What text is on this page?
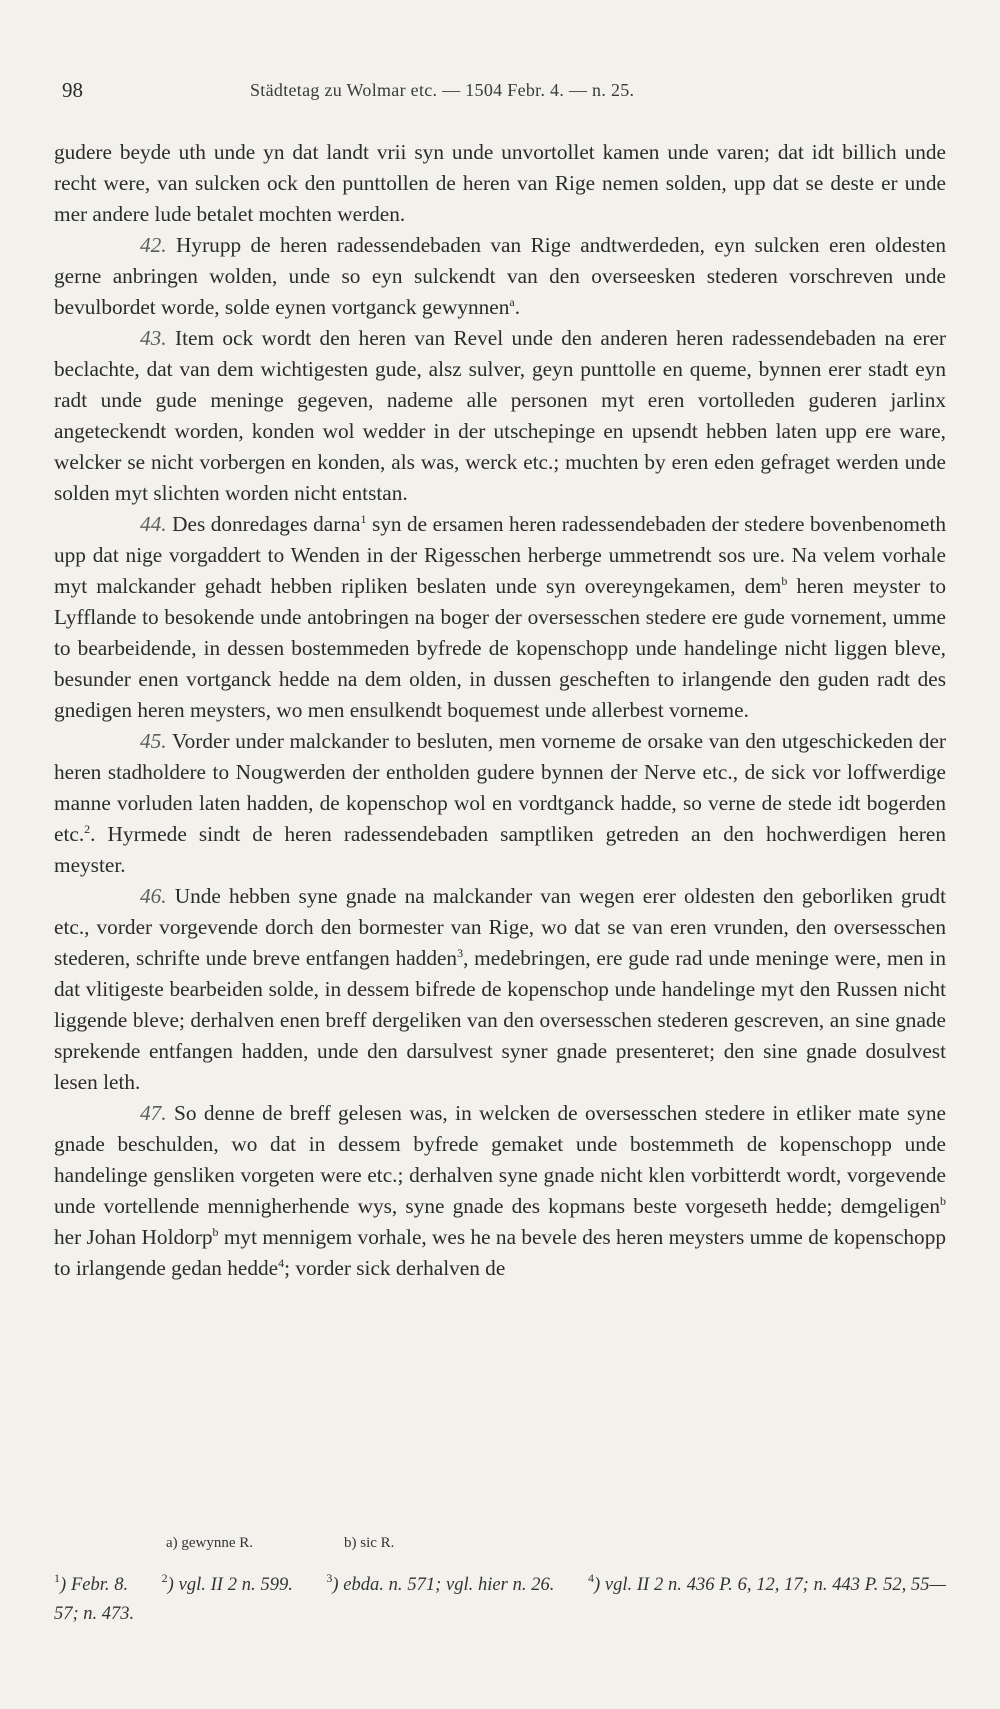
98	Städtetag zu Wolmar etc. — 1504 Febr. 4. — n. 25.

gudere beyde uth unde yn dat landt vrii syn unde unvortollet kamen unde varen; dat idt billich unde recht were, van sulcken ock den punttollen de heren van Rige nemen solden, upp dat se deste er unde mer andere lude betalet mochten werden.

42. Hyrupp de heren radessendebaden van Rige andtwerdeden, eyn sulcken eren oldesten gerne anbringen wolden, unde so eyn sulckendt van den overseesken stederen vorschreven unde bevulbordet worde, solde eynen vortganck gewynnen$^a$.

43. Item ock wordt den heren van Revel unde den anderen heren radessendebaden na erer beclachte, dat van dem wichtigesten gude, alsz sulver, geyn punttolle en queme, bynnen erer stadt eyn radt unde gude meninge gegeven, nademe alle personen myt eren vortolleden guderen jarlinx angeteckendt worden, konden wol wedder in der utschepinge en upsendt hebben laten upp ere ware, welcker se nicht vorbergen en konden, als was, werck etc.; muchten by eren eden gefraget werden unde solden myt slichten worden nicht entstan.

44. Des donredages darna$^1$ syn de ersamen heren radessendebaden der stedere bovenbenometh upp dat nige vorgaddert to Wenden in der Rigesschen herberge ummetrendt sos ure. Na velem vorhale myt malckander gehadt hebben ripliken beslaten unde syn overeyngekamen, dem$^b$ heren meyster to Lyfflande to besokende unde antobringen na boger der oversesschen stedere ere gude vornement, umme to bearbeidende, in dessen bostemmeden byfrede de kopenschopp unde handelinge nicht liggen bleve, besunder enen vortganck hedde na dem olden, in dussen gescheften to irlangende den guden radt des gnedigen heren meysters, wo men ensulkendt boquemest unde allerbest vorneme.

45. Vorder under malckander to besluten, men vorneme de orsake van den utgeschickeden der heren stadholdere to Nougwerden der entholden gudere bynnen der Nerve etc., de sick vor loffwerdige manne vorluden laten hadden, de kopenschop wol en vordtganck hadde, so verne de stede idt bogerden etc.$^2$. Hyrmede sindt de heren radessendebaden samptliken getreden an den hochwerdigen heren meyster.

46. Unde hebben syne gnade na malckander van wegen erer oldesten den geborliken grudt etc., vorder vorgevende dorch den bormester van Rige, wo dat se van eren vrunden, den oversesschen stederen, schrifte unde breve entfangen hadden$^3$, medebringen, ere gude rad unde meninge were, men in dat vlitigeste bearbeiden solde, in dessem bifrede de kopenschop unde handelinge myt den Russen nicht liggende bleve; derhalven enen breff dergeliken van den oversesschen stederen gescreven, an sine gnade sprekende entfangen hadden, unde den darsulvest syner gnade presenteret; den sine gnade dosulvest lesen leth.

47. So denne de breff gelesen was, in welcken de oversesschen stedere in etliker mate syne gnade beschulden, wo dat in dessem byfrede gemaket unde bostemmeth de kopenschopp unde handelinge gensliken vorgeten were etc.; derhalven syne gnade nicht klen vorbitterdt wordt, vorgevende unde vortellende mennigherhende wys, syne gnade des kopmans beste vorgeseth hedde; demgeligen$^b$ her Johan Holdorp$^b$ myt mennigem vorhale, wes he na bevele des heren meysters umme de kopenschopp to irlangende gedan hedde$^4$; vorder sick derhalven de

a) gewynne R.	b) sic R.
$^1$) Febr. 8.	$^2$) vgl. II 2 n. 599.	$^3$) ebda. n. 571; vgl. hier n. 26.	$^4$) vgl. II 2 n. 436 P. 6, 12, 17; n. 443 P. 52, 55—57; n. 473.
